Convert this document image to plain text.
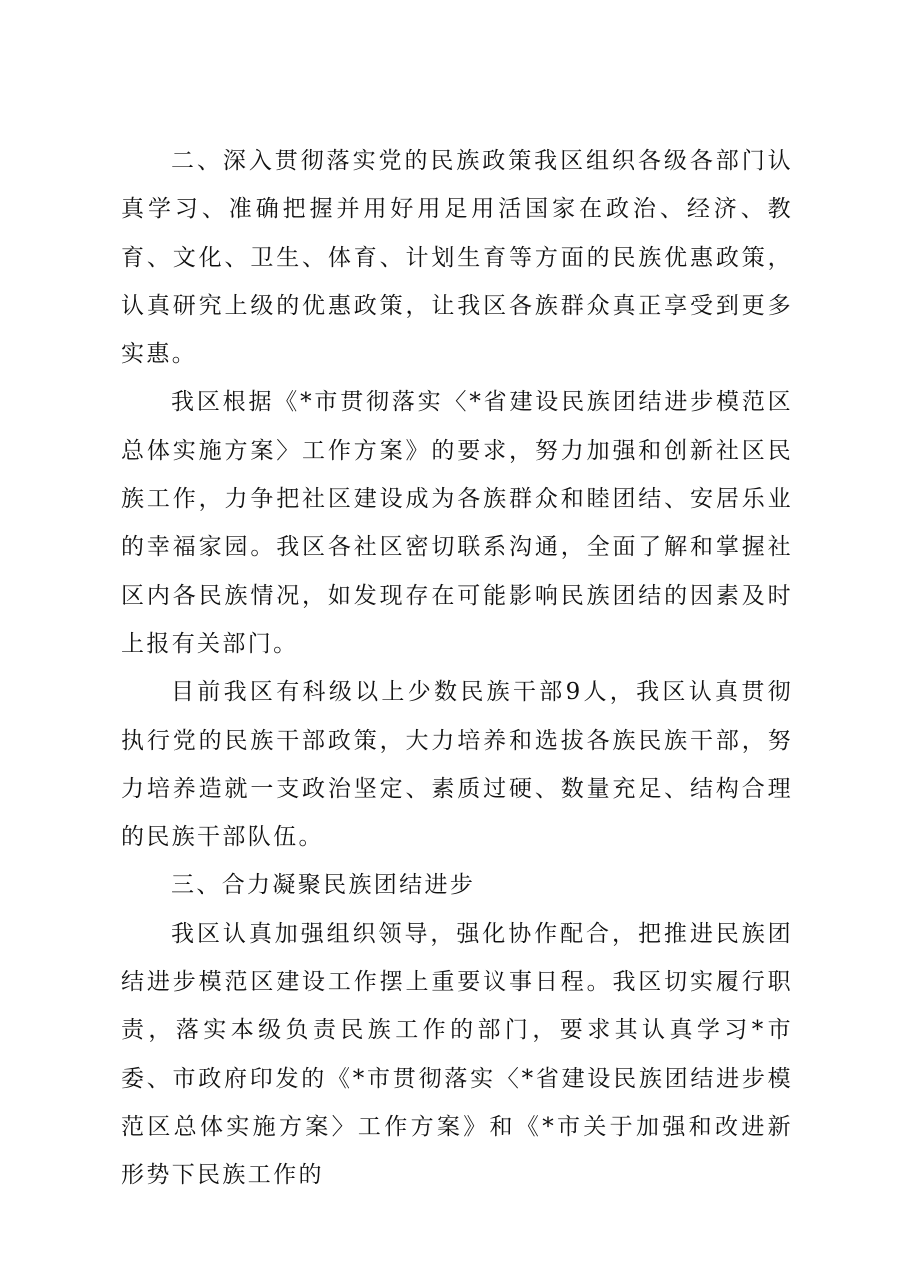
二、深入贯彻落实党的民族政策我区组织各级各部门认真学习、准确把握并用好用足用活国家在政治、经济、教育、文化、卫生、体育、计划生育等方面的民族优惠政策，认真研究上级的优惠政策，让我区各族群众真正享受到更多实惠。

我区根据《*市贯彻落实〈*省建设民族团结进步模范区总体实施方案〉工作方案》的要求，努力加强和创新社区民族工作，力争把社区建设成为各族群众和睦团结、安居乐业的幸福家园。我区各社区密切联系沟通，全面了解和掌握社区内各民族情况，如发现存在可能影响民族团结的因素及时上报有关部门。

目前我区有科级以上少数民族干部9人，我区认真贯彻执行党的民族干部政策，大力培养和选拔各族民族干部，努力培养造就一支政治坚定、素质过硬、数量充足、结构合理的民族干部队伍。

三、合力凝聚民族团结进步

我区认真加强组织领导，强化协作配合，把推进民族团结进步模范区建设工作摆上重要议事日程。我区切实履行职责，落实本级负责民族工作的部门，要求其认真学习*市委、市政府印发的《*市贯彻落实〈*省建设民族团结进步模范区总体实施方案〉工作方案》和《*市关于加强和改进新形势下民族工作的
